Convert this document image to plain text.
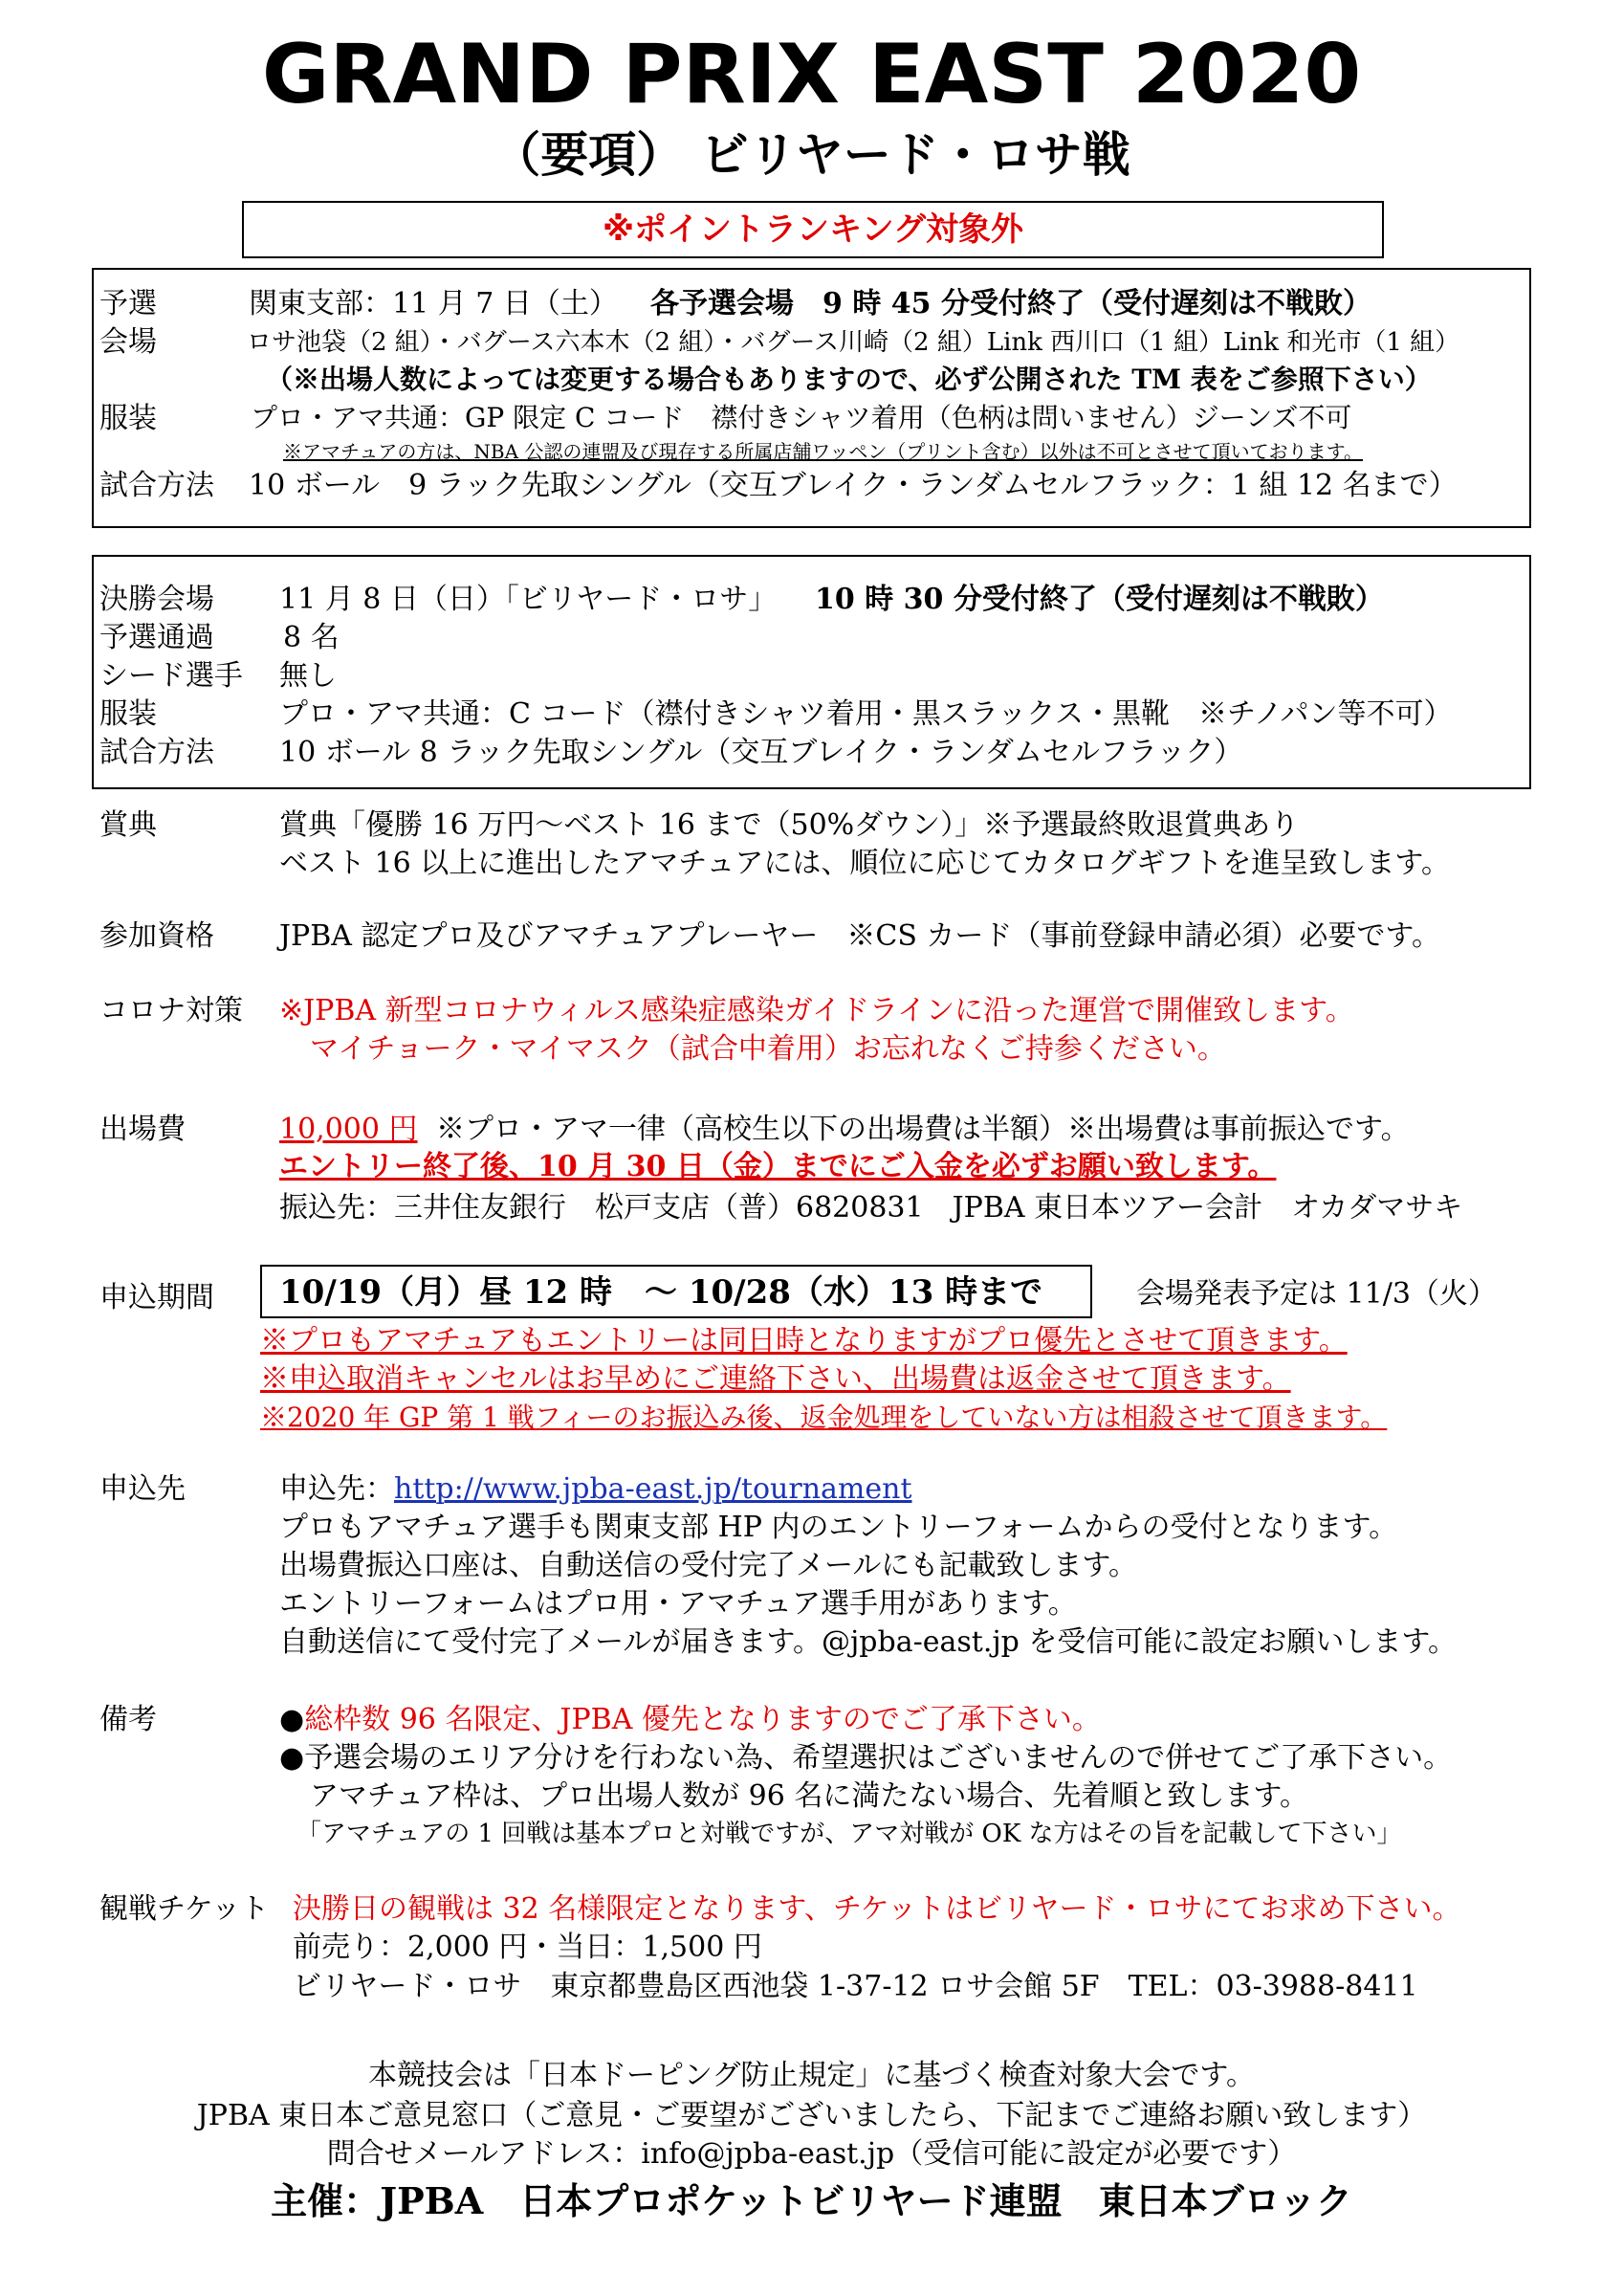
GRAND PRIX EAST 2020
（要項） ビリヤード・ロサ戦
※ポイントランキング対象外
予選	関東支部：11 月 7 日（土） 各予選会場　9 時 45 分受付終了（受付遅刻は不戦敗）
会場	ロサ池袋（2 組）・バグース六本木（2 組）・バグース川崎（2 組）Link 西川口（1 組）Link 和光市（1 組）
（※出場人数によっては変更する場合もありますので、必ず公開された TM 表をご参照下さい）
服装	プロ・アマ共通：GP 限定 C コード　襟付きシャツ着用（色柄は問いません）ジーンズ不可
※アマチュアの方は、NBA 公認の連盟及び現存する所属店舗ワッペン（プリント含む）以外は不可とさせて頂いております。
試合方法 10 ボール　9 ラック先取シングル（交互ブレイク・ランダムセルフラック：1 組 12 名まで）
決勝会場 11 月 8 日（日）「ビリヤード・ロサ」 10 時 30 分受付終了（受付遅刻は不戦敗）
予選通過 8 名
シード選手 無し
服装	プロ・アマ共通：C コード（襟付きシャツ着用・黒スラックス・黒靴　※チノパン等不可）
試合方法 10 ボール 8 ラック先取シングル（交互ブレイク・ランダムセルフラック）
賞典	賞典「優勝 16 万円～ベスト 16 まで（50%ダウン）」※予選最終敗退賞典あり
ベスト 16 以上に進出したアマチュアには、順位に応じてカタログギフトを進呈致します。
参加資格 JPBA 認定プロ及びアマチュアプレーヤー　※CS カード（事前登録申請必須）必要です。
コロナ対策 ※JPBA 新型コロナウィルス感染症感染ガイドラインに沿った運営で開催致します。
マイチョーク・マイマスク（試合中着用）お忘れなくご持参ください。
出場費	10,000 円 ※プロ・アマ一律（高校生以下の出場費は半額）※出場費は事前振込です。
エントリー終了後、10 月 30 日（金）までにご入金を必ずお願い致します。
振込先：三井住友銀行　松戸支店（普）6820831　JPBA 東日本ツアー会計　オカダマサキ
申込期間 10/19（月）昼 12 時　～ 10/28（水）13 時まで	会場発表予定は 11/3（火）
※プロもアマチュアもエントリーは同日時となりますがプロ優先とさせて頂きます。
※申込取消キャンセルはお早めにご連絡下さい、出場費は返金させて頂きます。
※2020 年 GP 第 1 戦フィーのお振込み後、返金処理をしていない方は相殺させて頂きます。
申込先	申込先：http://www.jpba-east.jp/tournament
プロもアマチュア選手も関東支部 HP 内のエントリーフォームからの受付となります。
出場費振込口座は、自動送信の受付完了メールにも記載致します。
エントリーフォームはプロ用・アマチュア選手用があります。
自動送信にて受付完了メールが届きます。@jpba-east.jp を受信可能に設定お願いします。
備考	●総枠数 96 名限定、JPBA 優先となりますのでご了承下さい。
●予選会場のエリア分けを行わない為、希望選択はございませんので併せてご了承下さい。
アマチュア枠は、プロ出場人数が 96 名に満たない場合、先着順と致します。
「アマチュアの 1 回戦は基本プロと対戦ですが、アマ対戦が OK な方はその旨を記載して下さい」
観戦チケット 決勝日の観戦は 32 名様限定となります、チケットはビリヤード・ロサにてお求め下さい。
前売り：2,000 円・当日：1,500 円
ビリヤード・ロサ　東京都豊島区西池袋 1-37-12 ロサ会館 5F　TEL：03-3988-8411
本競技会は「日本ドーピング防止規定」に基づく検査対象大会です。
JPBA 東日本ご意見窓口（ご意見・ご要望がございましたら、下記までご連絡お願い致します）
問合せメールアドレス：info@jpba-east.jp（受信可能に設定が必要です）
主催：JPBA　日本プロポケットビリヤード連盟　東日本ブロック
